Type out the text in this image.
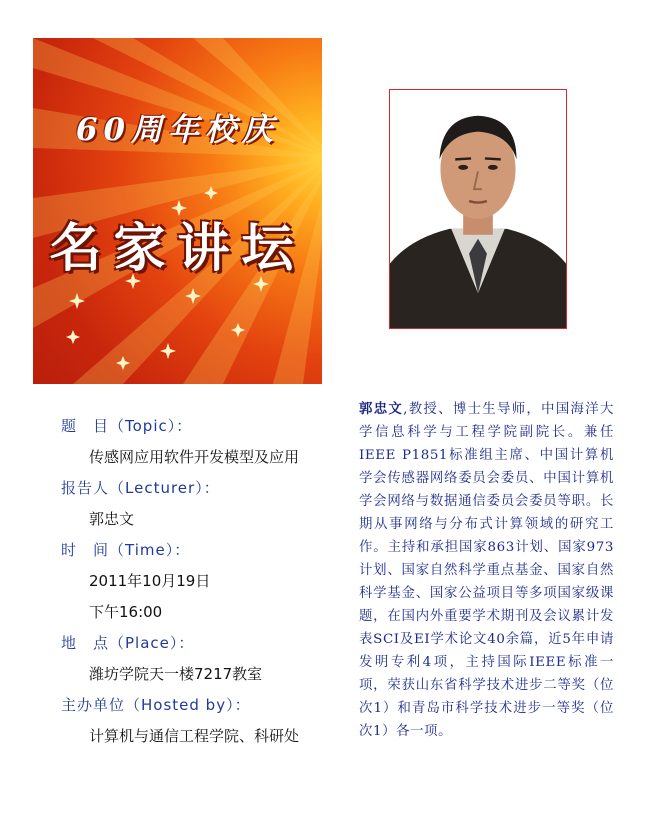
60周年校庆
名家讲坛
题　目（Topic）：
传感网应用软件开发模型及应用
报告人（Lecturer）：
郭忠文
时　间（Time）：
2011年10月19日
下午16:00
地　点（Place）：
潍坊学院天一楼7217教室
主办单位（Hosted by）：
计算机与通信工程学院、科研处
郭忠文,教授、博士生导师，中国海洋大学信息科学与工程学院副院长。兼任IEEE P1851标准组主席、中国计算机学会传感器网络委员会委员、中国计算机学会网络与数据通信委员会委员等职。长期从事网络与分布式计算领域的研究工作。主持和承担国家863计划、国家973计划、国家自然科学重点基金、国家自然科学基金、国家公益项目等多项国家级课题，在国内外重要学术期刊及会议累计发表SCI及EI学术论文40余篇，近5年申请发明专利4项，主持国际IEEE标准一项，荣获山东省科学技术进步二等奖（位次1）和青岛市科学技术进步一等奖（位次1）各一项。
